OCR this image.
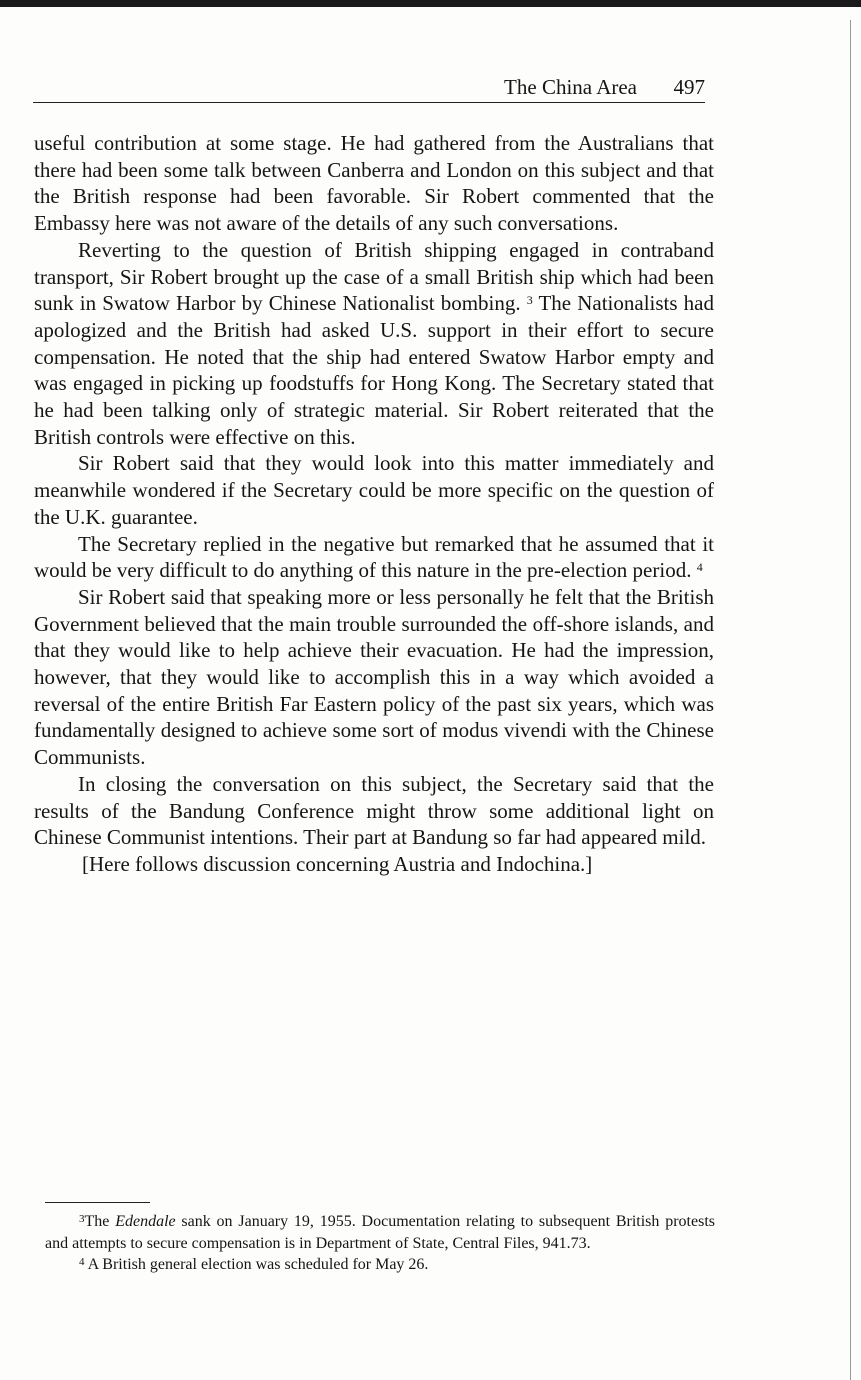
The China Area 497

useful contribution at some stage. He had gathered from the Australians that there had been some talk between Canberra and London on this subject and that the British response had been favorable. Sir Robert commented that the Embassy here was not aware of the details of any such conversations.

Reverting to the question of British shipping engaged in contraband transport, Sir Robert brought up the case of a small British ship which had been sunk in Swatow Harbor by Chinese Nationalist bombing. $^3$ The Nationalists had apologized and the British had asked U.S. support in their effort to secure compensation. He noted that the ship had entered Swatow Harbor empty and was engaged in picking up foodstuffs for Hong Kong. The Secretary stated that he had been talking only of strategic material. Sir Robert reiterated that the British controls were effective on this.

Sir Robert said that they would look into this matter immediately and meanwhile wondered if the Secretary could be more specific on the question of the U.K. guarantee.

The Secretary replied in the negative but remarked that he assumed that it would be very difficult to do anything of this nature in the pre-election period. $^4$

Sir Robert said that speaking more or less personally he felt that the British Government believed that the main trouble surrounded the off-shore islands, and that they would like to help achieve their evacuation. He had the impression, however, that they would like to accomplish this in a way which avoided a reversal of the entire British Far Eastern policy of the past six years, which was fundamentally designed to achieve some sort of modus vivendi with the Chinese Communists.

In closing the conversation on this subject, the Secretary said that the results of the Bandung Conference might throw some additional light on Chinese Communist intentions. Their part at Bandung so far had appeared mild.

[Here follows discussion concerning Austria and Indochina.]

$^3$The Edendale sank on January 19, 1955. Documentation relating to subsequent British protests and attempts to secure compensation is in Department of State, Central Files, 941.73.

$^4$ A British general election was scheduled for May 26.
